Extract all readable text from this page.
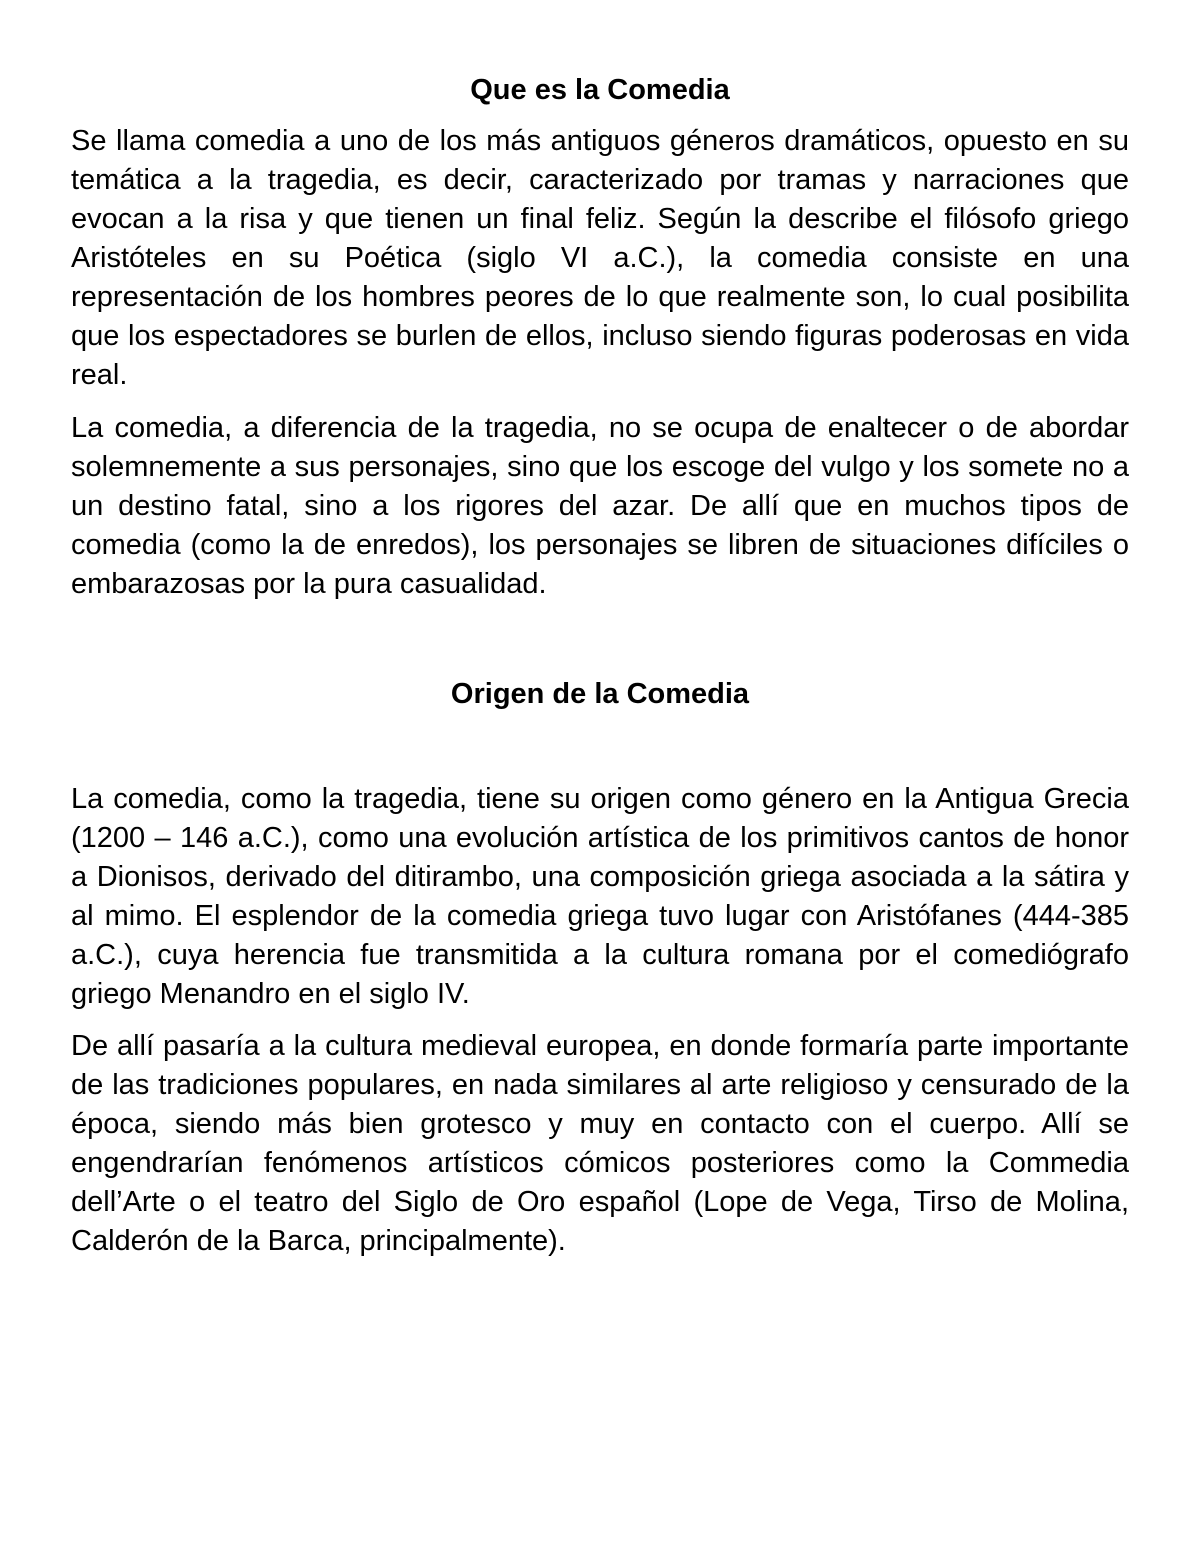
Que es la Comedia

Se llama comedia a uno de los más antiguos géneros dramáticos, opuesto en su temática a la tragedia, es decir, caracterizado por tramas y narraciones que evocan a la risa y que tienen un final feliz. Según la describe el filósofo griego Aristóteles en su Poética (siglo VI a.C.), la comedia consiste en una representación de los hombres peores de lo que realmente son, lo cual posibilita que los espectadores se burlen de ellos, incluso siendo figuras poderosas en vida real.

La comedia, a diferencia de la tragedia, no se ocupa de enaltecer o de abordar solemnemente a sus personajes, sino que los escoge del vulgo y los somete no a un destino fatal, sino a los rigores del azar. De allí que en muchos tipos de comedia (como la de enredos), los personajes se libren de situaciones difíciles o embarazosas por la pura casualidad.

Origen de la Comedia

La comedia, como la tragedia, tiene su origen como género en la Antigua Grecia (1200 – 146 a.C.), como una evolución artística de los primitivos cantos de honor a Dionisos, derivado del ditirambo, una composición griega asociada a la sátira y al mimo. El esplendor de la comedia griega tuvo lugar con Aristófanes (444-385 a.C.), cuya herencia fue transmitida a la cultura romana por el comediógrafo griego Menandro en el siglo IV.

De allí pasaría a la cultura medieval europea, en donde formaría parte importante de las tradiciones populares, en nada similares al arte religioso y censurado de la época, siendo más bien grotesco y muy en contacto con el cuerpo. Allí se engendrarían fenómenos artísticos cómicos posteriores como la Commedia dell’Arte o el teatro del Siglo de Oro español (Lope de Vega, Tirso de Molina, Calderón de la Barca, principalmente).
